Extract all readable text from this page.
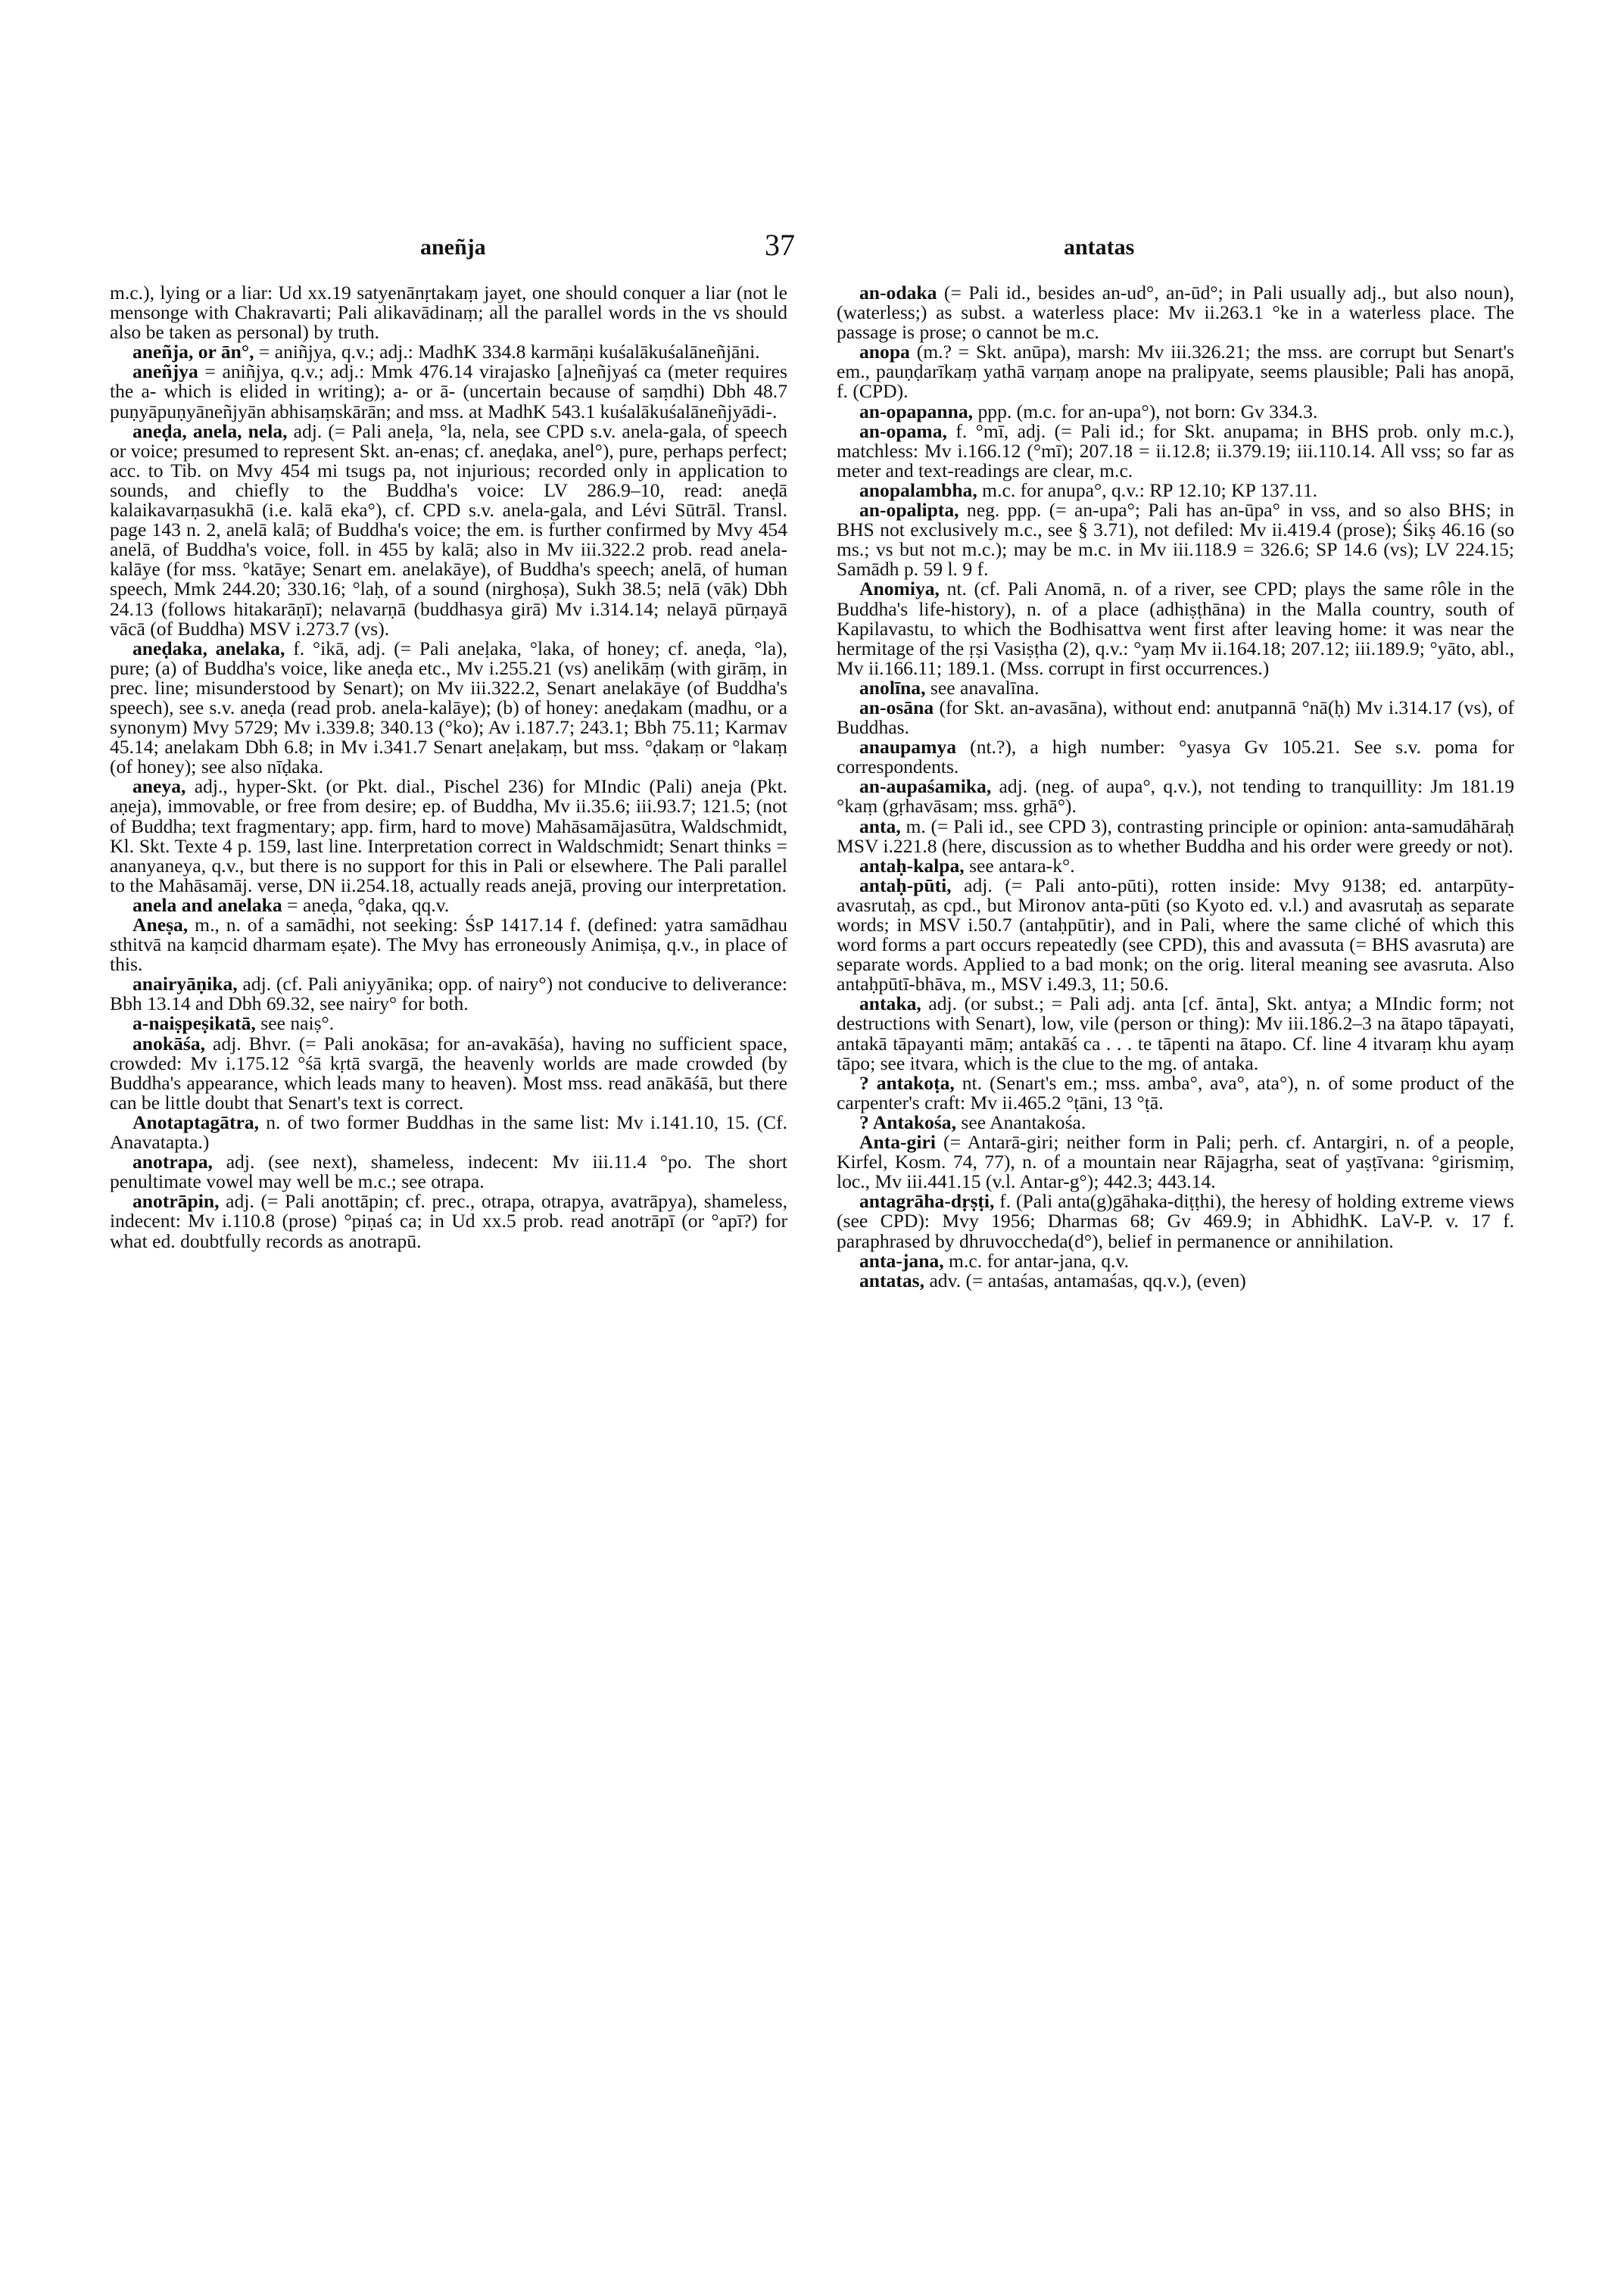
aneñja	37	antatas

m.c.), lying or a liar: Ud xx.19 satyenānṛtakaṃ jayet, one should conquer a liar (not le mensonge with Chakravarti; Pali alikavādinaṃ; all the parallel words in the vs should also be taken as personal) by truth.

aneñja, or ān°, = aniñjya, q.v.; adj.: MadhK 334.8 karmāṇi kuśalākuśalāneñjāni.

aneñjya = aniñjya, q.v.; adj.: Mmk 476.14 virajasko [a]neñjyaś ca (meter requires the a- which is elided in writing); a- or ā- (uncertain because of saṃdhi) Dbh 48.7 puṇyāpuṇyāneñjyān abhisaṃskārān; and mss. at MadhK 543.1 kuśalākuśalāneñjyādi-.

aneḍa, anela, nela, adj. (= Pali aneḷa, °la, nela, see CPD s.v. anela-gala, of speech or voice; presumed to represent Skt. an-enas; cf. aneḍaka, anel°), pure, perhaps perfect; acc. to Tib. on Mvy 454 mi tsugs pa, not injurious; recorded only in application to sounds, and chiefly to the Buddha's voice: LV 286.9–10, read: aneḍā kalaikavarṇasukhā (i.e. kalā eka°), cf. CPD s.v. anela-gala, and Lévi Sūtrāl. Transl. page 143 n. 2, anelā kalā; of Buddha's voice; the em. is further confirmed by Mvy 454 anelā, of Buddha's voice, foll. in 455 by kalā; also in Mv iii.322.2 prob. read anela-kalāye (for mss. °katāye; Senart em. anelakāye), of Buddha's speech; anelā, of human speech, Mmk 244.20; 330.16; °laḥ, of a sound (nirghoṣa), Sukh 38.5; nelā (vāk) Dbh 24.13 (follows hitakarāṇī); nelavarṇā (buddhasya girā) Mv i.314.14; nelayā pūrṇayā vācā (of Buddha) MSV i.273.7 (vs).

aneḍaka, anelaka, f. °ikā, adj. (= Pali aneḷaka, °laka, of honey; cf. aneḍa, °la), pure; (a) of Buddha's voice, like aneḍa etc., Mv i.255.21 (vs) anelikāṃ (with girāṃ, in prec. line; misunderstood by Senart); on Mv iii.322.2, Senart anelakāye (of Buddha's speech), see s.v. aneḍa (read prob. anela-kalāye); (b) of honey: aneḍakam (madhu, or a synonym) Mvy 5729; Mv i.339.8; 340.13 (°ko); Av i.187.7; 243.1; Bbh 75.11; Karmav 45.14; anelakam Dbh 6.8; in Mv i.341.7 Senart aneḷakaṃ, but mss. °ḍakaṃ or °lakaṃ (of honey); see also nīḍaka.

aneya, adj., hyper-Skt. (or Pkt. dial., Pischel 236) for MIndic (Pali) aneja (Pkt. aṇeja), immovable, or free from desire; ep. of Buddha, Mv ii.35.6; iii.93.7; 121.5; (not of Buddha; text fragmentary; app. firm, hard to move) Mahāsamājasūtra, Waldschmidt, Kl. Skt. Texte 4 p. 159, last line. Interpretation correct in Waldschmidt; Senart thinks = ananyaneya, q.v., but there is no support for this in Pali or elsewhere. The Pali parallel to the Mahāsamāj. verse, DN ii.254.18, actually reads anejā, proving our interpretation.

anela and anelaka = aneḍa, °ḍaka, qq.v.

Aneṣa, m., n. of a samādhi, not seeking: ŚsP 1417.14 f. (defined: yatra samādhau sthitvā na kaṃcid dharmam eṣate). The Mvy has erroneously Animiṣa, q.v., in place of this.

anairyāṇika, adj. (cf. Pali aniyyānika; opp. of nairy°) not conducive to deliverance: Bbh 13.14 and Dbh 69.32, see nairy° for both.

a-naiṣpeṣikatā, see naiṣ°.

anokāśa, adj. Bhvr. (= Pali anokāsa; for an-avakāśa), having no sufficient space, crowded: Mv i.175.12 °śā kṛtā svargā, the heavenly worlds are made crowded (by Buddha's appearance, which leads many to heaven). Most mss. read anākāśā, but there can be little doubt that Senart's text is correct.

Anotaptagātra, n. of two former Buddhas in the same list: Mv i.141.10, 15. (Cf. Anavatapta.)

anotrapa, adj. (see next), shameless, indecent: Mv iii.11.4 °po. The short penultimate vowel may well be m.c.; see otrapa.

anotrāpin, adj. (= Pali anottāpin; cf. prec., otrapa, otrapya, avatrāpya), shameless, indecent: Mv i.110.8 (prose) °piṇaś ca; in Ud xx.5 prob. read anotrāpī (or °apī?) for what ed. doubtfully records as anotrapū.

an-odaka (= Pali id., besides an-ud°, an-ūd°; in Pali usually adj., but also noun), (waterless;) as subst. a waterless place: Mv ii.263.1 °ke in a waterless place. The passage is prose; o cannot be m.c.

anopa (m.? = Skt. anūpa), marsh: Mv iii.326.21; the mss. are corrupt but Senart's em., pauṇḍarīkaṃ yathā varṇaṃ anope na pralipyate, seems plausible; Pali has anopā, f. (CPD).

an-opapanna, ppp. (m.c. for an-upa°), not born: Gv 334.3.

an-opama, f. °mī, adj. (= Pali id.; for Skt. anupama; in BHS prob. only m.c.), matchless: Mv i.166.12 (°mī); 207.18 = ii.12.8; ii.379.19; iii.110.14. All vss; so far as meter and text-readings are clear, m.c.

anopalambha, m.c. for anupa°, q.v.: RP 12.10; KP 137.11.

an-opalipta, neg. ppp. (= an-upa°; Pali has an-ūpa° in vss, and so also BHS; in BHS not exclusively m.c., see § 3.71), not defiled: Mv ii.419.4 (prose); Śikṣ 46.16 (so ms.; vs but not m.c.); may be m.c. in Mv iii.118.9 = 326.6; SP 14.6 (vs); LV 224.15; Samādh p. 59 l. 9 f.

Anomiya, nt. (cf. Pali Anomā, n. of a river, see CPD; plays the same rôle in the Buddha's life-history), n. of a place (adhiṣṭhāna) in the Malla country, south of Kapilavastu, to which the Bodhisattva went first after leaving home: it was near the hermitage of the ṛṣi Vasiṣṭha (2), q.v.: °yaṃ Mv ii.164.18; 207.12; iii.189.9; °yāto, abl., Mv ii.166.11; 189.1. (Mss. corrupt in first occurrences.)

anolīna, see anavalīna.

an-osāna (for Skt. an-avasāna), without end: anutpannā °nā(ḥ) Mv i.314.17 (vs), of Buddhas.

anaupamya (nt.?), a high number: °yasya Gv 105.21. See s.v. poma for correspondents.

an-aupaśamika, adj. (neg. of aupa°, q.v.), not tending to tranquillity: Jm 181.19 °kaṃ (gṛhavāsam; mss. gṛhā°).

anta, m. (= Pali id., see CPD 3), contrasting principle or opinion: anta-samudāhāraḥ MSV i.221.8 (here, discussion as to whether Buddha and his order were greedy or not).

antaḥ-kalpa, see antara-k°.

antaḥ-pūti, adj. (= Pali anto-pūti), rotten inside: Mvy 9138; ed. antarpūty-avasrutaḥ, as cpd., but Mironov anta-pūti (so Kyoto ed. v.l.) and avasrutaḥ as separate words; in MSV i.50.7 (antaḥpūtir), and in Pali, where the same cliché of which this word forms a part occurs repeatedly (see CPD), this and avassuta (= BHS avasruta) are separate words. Applied to a bad monk; on the orig. literal meaning see avasruta. Also antaḥpūtī-bhāva, m., MSV i.49.3, 11; 50.6.

antaka, adj. (or subst.; = Pali adj. anta [cf. ānta], Skt. antya; a MIndic form; not destructions with Senart), low, vile (person or thing): Mv iii.186.2–3 na ātapo tāpayati, antakā tāpayanti māṃ; antakāś ca . . . te tāpenti na ātapo. Cf. line 4 itvaraṃ khu ayaṃ tāpo; see itvara, which is the clue to the mg. of antaka.

? antakoṭa, nt. (Senart's em.; mss. amba°, ava°, ata°), n. of some product of the carpenter's craft: Mv ii.465.2 °ṭāni, 13 °ṭā.

? Antakośa, see Anantakośa.

Anta-giri (= Antarā-giri; neither form in Pali; perh. cf. Antargiri, n. of a people, Kirfel, Kosm. 74, 77), n. of a mountain near Rājagṛha, seat of yaṣṭīvana: °girismiṃ, loc., Mv iii.441.15 (v.l. Antar-g°); 442.3; 443.14.

antagrāha-dṛṣṭi, f. (Pali anta(g)gāhaka-diṭṭhi), the heresy of holding extreme views (see CPD): Mvy 1956; Dharmas 68; Gv 469.9; in AbhidhK. LaV-P. v. 17 f. paraphrased by dhruvoccheda(d°), belief in permanence or annihilation.

anta-jana, m.c. for antar-jana, q.v.

antatas, adv. (= antaśas, antamaśas, qq.v.), (even)
